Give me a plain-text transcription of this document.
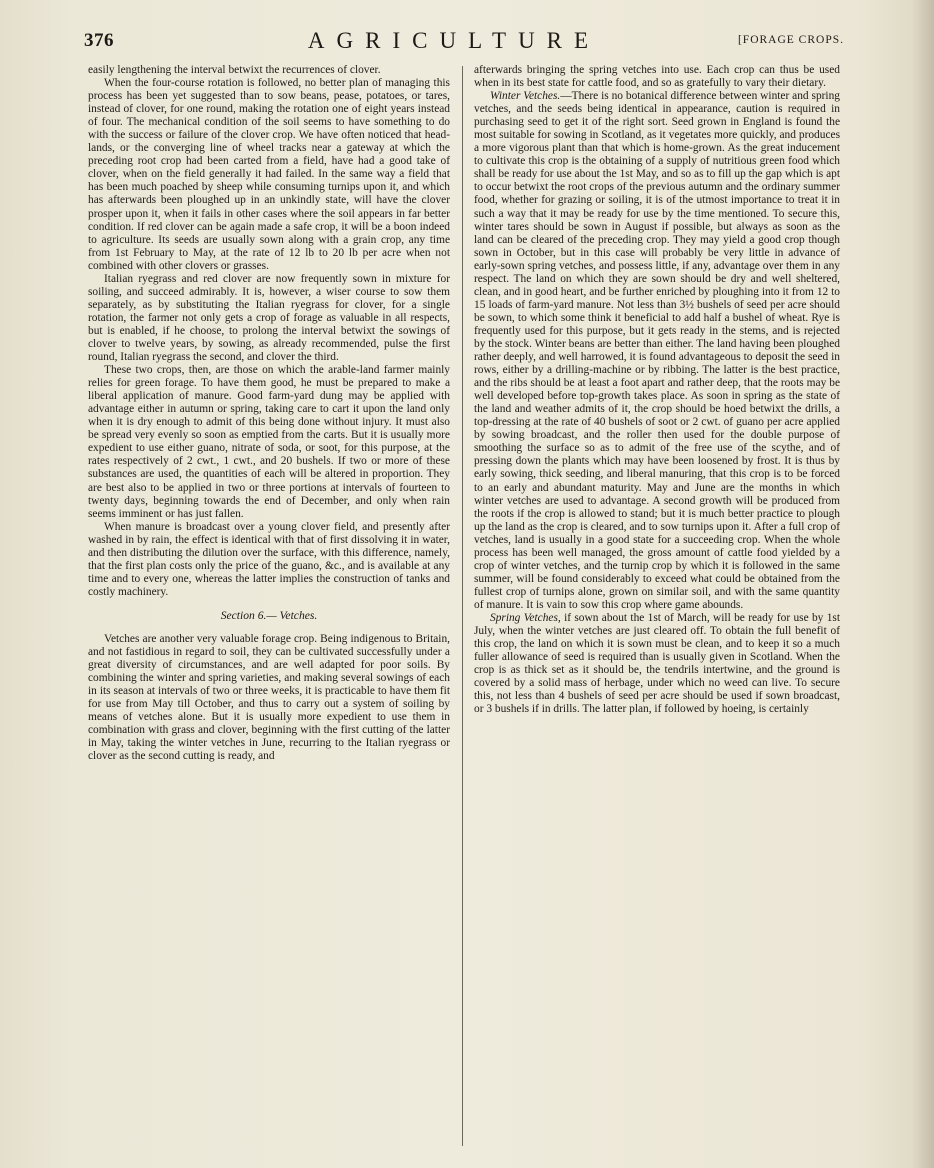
376	AGRICULTURE	[FORAGE CROPS.

easily lengthening the interval betwixt the recurrences of clover.

When the four-course rotation is followed, no better plan of managing this process has been yet suggested than to sow beans, pease, potatoes, or tares, instead of clover, for one round, making the rotation one of eight years instead of four. The mechanical condition of the soil seems to have something to do with the success or failure of the clover crop. We have often noticed that head-lands, or the converging line of wheel tracks near a gateway at which the preceding root crop had been carted from a field, have had a good take of clover, when on the field generally it had failed. In the same way a field that has been much poached by sheep while consuming turnips upon it, and which has afterwards been ploughed up in an unkindly state, will have the clover prosper upon it, when it fails in other cases where the soil appears in far better condition. If red clover can be again made a safe crop, it will be a boon indeed to agriculture. Its seeds are usually sown along with a grain crop, any time from 1st February to May, at the rate of 12 lb to 20 lb per acre when not combined with other clovers or grasses.

Italian ryegrass and red clover are now frequently sown in mixture for soiling, and succeed admirably. It is, however, a wiser course to sow them separately, as by substituting the Italian ryegrass for clover, for a single rotation, the farmer not only gets a crop of forage as valuable in all respects, but is enabled, if he choose, to prolong the interval betwixt the sowings of clover to twelve years, by sowing, as already recommended, pulse the first round, Italian ryegrass the second, and clover the third.

These two crops, then, are those on which the arable-land farmer mainly relies for green forage. To have them good, he must be prepared to make a liberal application of manure. Good farm-yard dung may be applied with advantage either in autumn or spring, taking care to cart it upon the land only when it is dry enough to admit of this being done without injury. It must also be spread very evenly so soon as emptied from the carts. But it is usually more expedient to use either guano, nitrate of soda, or soot, for this purpose, at the rates respectively of 2 cwt., 1 cwt., and 20 bushels. If two or more of these substances are used, the quantities of each will be altered in proportion. They are best also to be applied in two or three portions at intervals of fourteen to twenty days, beginning towards the end of December, and only when rain seems imminent or has just fallen.

When manure is broadcast over a young clover field, and presently after washed in by rain, the effect is identical with that of first dissolving it in water, and then distributing the dilution over the surface, with this difference, namely, that the first plan costs only the price of the guano, &c., and is available at any time and to every one, whereas the latter implies the construction of tanks and costly machinery.

Section 6.— Vetches.

Vetches are another very valuable forage crop. Being indigenous to Britain, and not fastidious in regard to soil, they can be cultivated successfully under a great diversity of circumstances, and are well adapted for poor soils. By combining the winter and spring varieties, and making several sowings of each in its season at intervals of two or three weeks, it is practicable to have them fit for use from May till October, and thus to carry out a system of soiling by means of vetches alone. But it is usually more expedient to use them in combination with grass and clover, beginning with the first cutting of the latter in May, taking the winter vetches in June, recurring to the Italian ryegrass or clover as the second cutting is ready, and

afterwards bringing the spring vetches into use. Each crop can thus be used when in its best state for cattle food, and so as gratefully to vary their dietary.

Winter Vetches.—There is no botanical difference between winter and spring vetches, and the seeds being identical in appearance, caution is required in purchasing seed to get it of the right sort. Seed grown in England is found the most suitable for sowing in Scotland, as it vegetates more quickly, and produces a more vigorous plant than that which is home-grown. As the great inducement to cultivate this crop is the obtaining of a supply of nutritious green food which shall be ready for use about the 1st May, and so as to fill up the gap which is apt to occur betwixt the root crops of the previous autumn and the ordinary summer food, whether for grazing or soiling, it is of the utmost importance to treat it in such a way that it may be ready for use by the time mentioned. To secure this, winter tares should be sown in August if possible, but always as soon as the land can be cleared of the preceding crop. They may yield a good crop though sown in October, but in this case will probably be very little in advance of early-sown spring vetches, and possess little, if any, advantage over them in any respect. The land on which they are sown should be dry and well sheltered, clean, and in good heart, and be further enriched by ploughing into it from 12 to 15 loads of farm-yard manure. Not less than 3½ bushels of seed per acre should be sown, to which some think it beneficial to add half a bushel of wheat. Rye is frequently used for this purpose, but it gets ready in the stems, and is rejected by the stock. Winter beans are better than either. The land having been ploughed rather deeply, and well harrowed, it is found advantageous to deposit the seed in rows, either by a drilling-machine or by ribbing. The latter is the best practice, and the ribs should be at least a foot apart and rather deep, that the roots may be well developed before top-growth takes place. As soon in spring as the state of the land and weather admits of it, the crop should be hoed betwixt the drills, a top-dressing at the rate of 40 bushels of soot or 2 cwt. of guano per acre applied by sowing broadcast, and the roller then used for the double purpose of smoothing the surface so as to admit of the free use of the scythe, and of pressing down the plants which may have been loosened by frost. It is thus by early sowing, thick seeding, and liberal manuring, that this crop is to be forced to an early and abundant maturity. May and June are the months in which winter vetches are used to advantage. A second growth will be produced from the roots if the crop is allowed to stand; but it is much better practice to plough up the land as the crop is cleared, and to sow turnips upon it. After a full crop of vetches, land is usually in a good state for a succeeding crop. When the whole process has been well managed, the gross amount of cattle food yielded by a crop of winter vetches, and the turnip crop by which it is followed in the same summer, will be found considerably to exceed what could be obtained from the fullest crop of turnips alone, grown on similar soil, and with the same quantity of manure. It is vain to sow this crop where game abounds.

Spring Vetches, if sown about the 1st of March, will be ready for use by 1st July, when the winter vetches are just cleared off. To obtain the full benefit of this crop, the land on which it is sown must be clean, and to keep it so a much fuller allowance of seed is required than is usually given in Scotland. When the crop is as thick set as it should be, the tendrils intertwine, and the ground is covered by a solid mass of herbage, under which no weed can live. To secure this, not less than 4 bushels of seed per acre should be used if sown broadcast, or 3 bushels if in drills. The latter plan, if followed by hoeing, is certainly
